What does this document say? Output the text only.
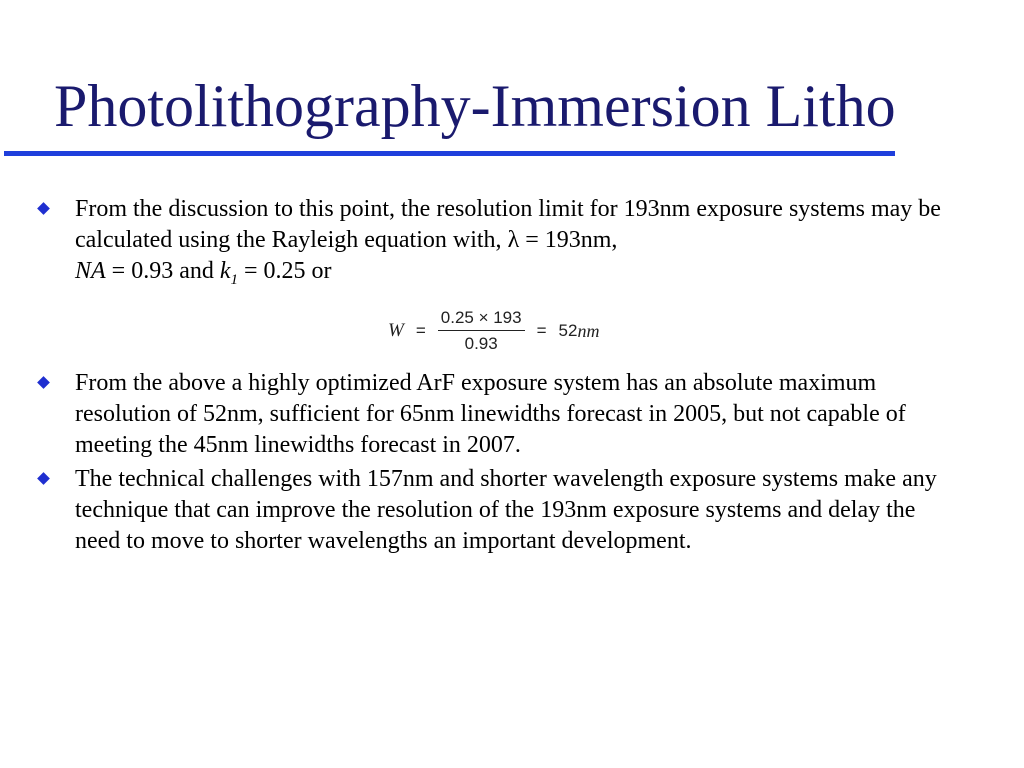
Photolithography-Immersion Litho

From the discussion to this point, the resolution limit for 193nm exposure systems may be calculated using the Rayleigh equation with, λ = 193nm,
NA = 0.93 and $k_1 = 0.25$ or

$W = \frac{0.25 \times 193}{0.93} = 52$ nm

From the above a highly optimized ArF exposure system has an absolute maximum resolution of 52nm, sufficient for 65nm linewidths forecast in 2005, but not capable of meeting the 45nm linewidths forecast in 2007.

The technical challenges with 157nm and shorter wavelength exposure systems make any technique that can improve the resolution of the 193nm exposure systems and delay the need to move to shorter wavelengths an important development.
